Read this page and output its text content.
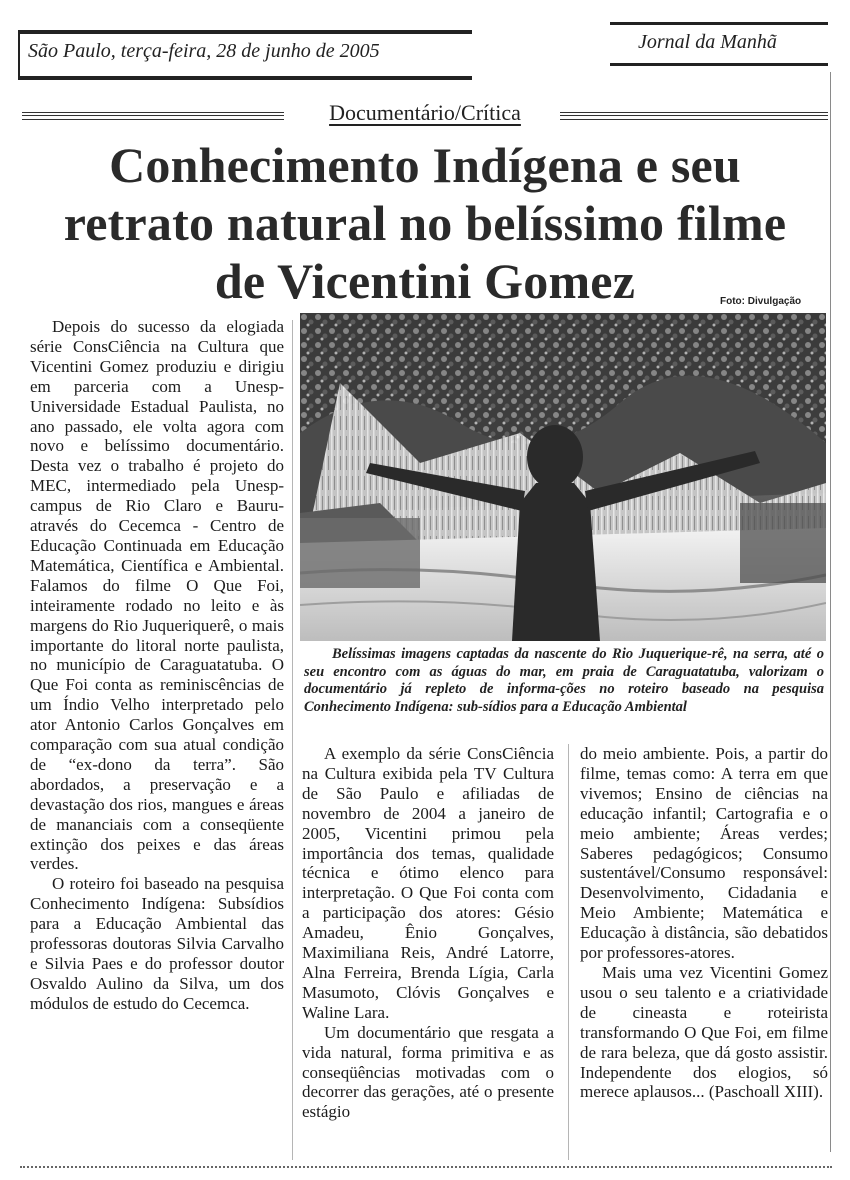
São Paulo, terça-feira, 28 de junho de 2005	Jornal da Manhã
Documentário/Crítica
Conhecimento Indígena e seu retrato natural no belíssimo filme de Vicentini Gomez	Foto: Divulgação
Belíssimas imagens captadas da nascente do Rio Juquerique-rê, na serra, até o seu encontro com as águas do mar, em praia de Caraguatatuba, valorizam o documentário já repleto de informa-ções no roteiro baseado na pesquisa Conhecimento Indígena: sub-sídios para a Educação Ambiental

Depois do sucesso da elogiada série ConsCiência na Cultura que Vicentini Gomez produziu e dirigiu em parceria com a Unesp- Universidade Estadual Paulista, no ano passado, ele volta agora com novo e belíssimo documentário. Desta vez o trabalho é projeto do MEC, intermediado pela Unesp- campus de Rio Claro e Bauru- através do Cecemca - Centro de Educação Continuada em Educação Matemática, Científica e Ambiental. Falamos do filme O Que Foi, inteiramente rodado no leito e às margens do Rio Juqueriquerê, o mais importante do litoral norte paulista, no município de Caraguatatuba. O Que Foi conta as reminiscências de um Índio Velho interpretado pelo ator Antonio Carlos Gonçalves em comparação com sua atual condição de “ex-dono da terra”. São abordados, a preservação e a devastação dos rios, mangues e áreas de mananciais com a conseqüente extinção dos peixes e das áreas verdes.

O roteiro foi baseado na pesquisa Conhecimento Indígena: Subsídios para a Educação Ambiental das professoras doutoras Silvia Carvalho e Silvia Paes e do professor doutor Osvaldo Aulino da Silva, um dos módulos de estudo do Cecemca.

A exemplo da série ConsCiência na Cultura exibida pela TV Cultura de São Paulo e afiliadas de novembro de 2004 a janeiro de 2005, Vicentini primou pela importância dos temas, qualidade técnica e ótimo elenco para interpretação. O Que Foi conta com a participação dos atores: Gésio Amadeu, Ênio Gonçalves, Maximiliana Reis, André Latorre, Alna Ferreira, Brenda Lígia, Carla Masumoto, Clóvis Gonçalves e Waline Lara.

Um documentário que resgata a vida natural, forma primitiva e as conseqüências motivadas com o decorrer das gerações, até o presente estágio

do meio ambiente. Pois, a partir do filme, temas como: A terra em que vivemos; Ensino de ciências na educação infantil; Cartografia e o meio ambiente; Áreas verdes; Saberes pedagógicos; Consumo sustentável/Consumo responsável: Desenvolvimento, Cidadania e Meio Ambiente; Matemática e Educação à distância, são debatidos por professores-atores.

Mais uma vez Vicentini Gomez usou o seu talento e a criatividade de cineasta e roteirista transformando O Que Foi, em filme de rara beleza, que dá gosto assistir. Independente dos elogios, só merece aplausos... (Paschoall XIII).
